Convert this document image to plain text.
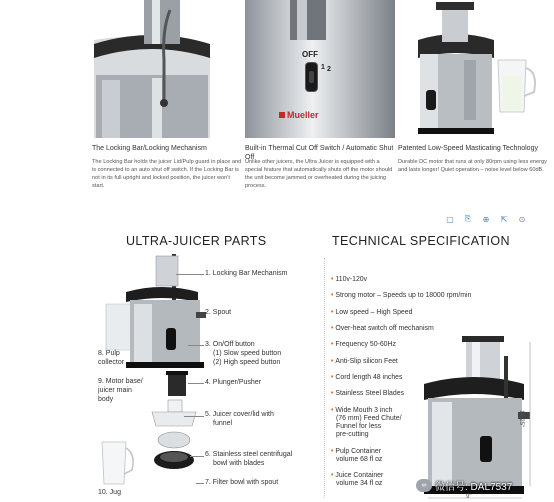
The Locking Bar/Locking Mechanism
The Locking Bar holds the juicer Lid/Pulp guard in place and is connected to an auto shut off switch. If the Locking Bar is not in its full upright and locked position, the juicer won't start.
OFF
1 2
Mueller
Built-in Thermal Cut Off Switch / Automatic Shut Off
Unlike other juicers, the Ultra Juicer is equipped with a special feature that automatically shuts off the motor should the unit become jammed or overheated during the juicing process.
Patented Low-Speed Masticating Technology
Durable DC motor that runs at only 80rpm using less energy and lasts longer! Quiet operation – noise level below 60dB.
▢	⎘	⊕	⇱	⊙
ULTRA-JUICER PARTS
1. Locking Bar Mechanism
2. Spout
3. On/Off button
(1) Slow speed button
(2) High speed button
4. Plunger/Pusher
5. Juicer cover/lid with
funnel
6. Stainless steel centrifugal
bowl with blades
7. Filter bowl with spout
8. Pulp
collector
9. Motor base/
juicer main
body
10. Jug
TECHNICAL SPECIFICATION
• 110v-120v
• Strong motor – Speeds up to 18000 rpm/min
• Low speed – High Speed
• Over-heat switch off mechanism
• Frequency 50-60Hz
• Anti-Slip silicon Feet
• Cord length 48 inches
• Stainless Steel Blades
• Wide Mouth 3 inch
(76 mm) Feed Chute/
Funnel for less
pre-cutting
• Pulp Container
volume 68 fl oz
• Juice Container
volume 34 fl oz
15.25"
9"
∞ 微信号: DAL7537
